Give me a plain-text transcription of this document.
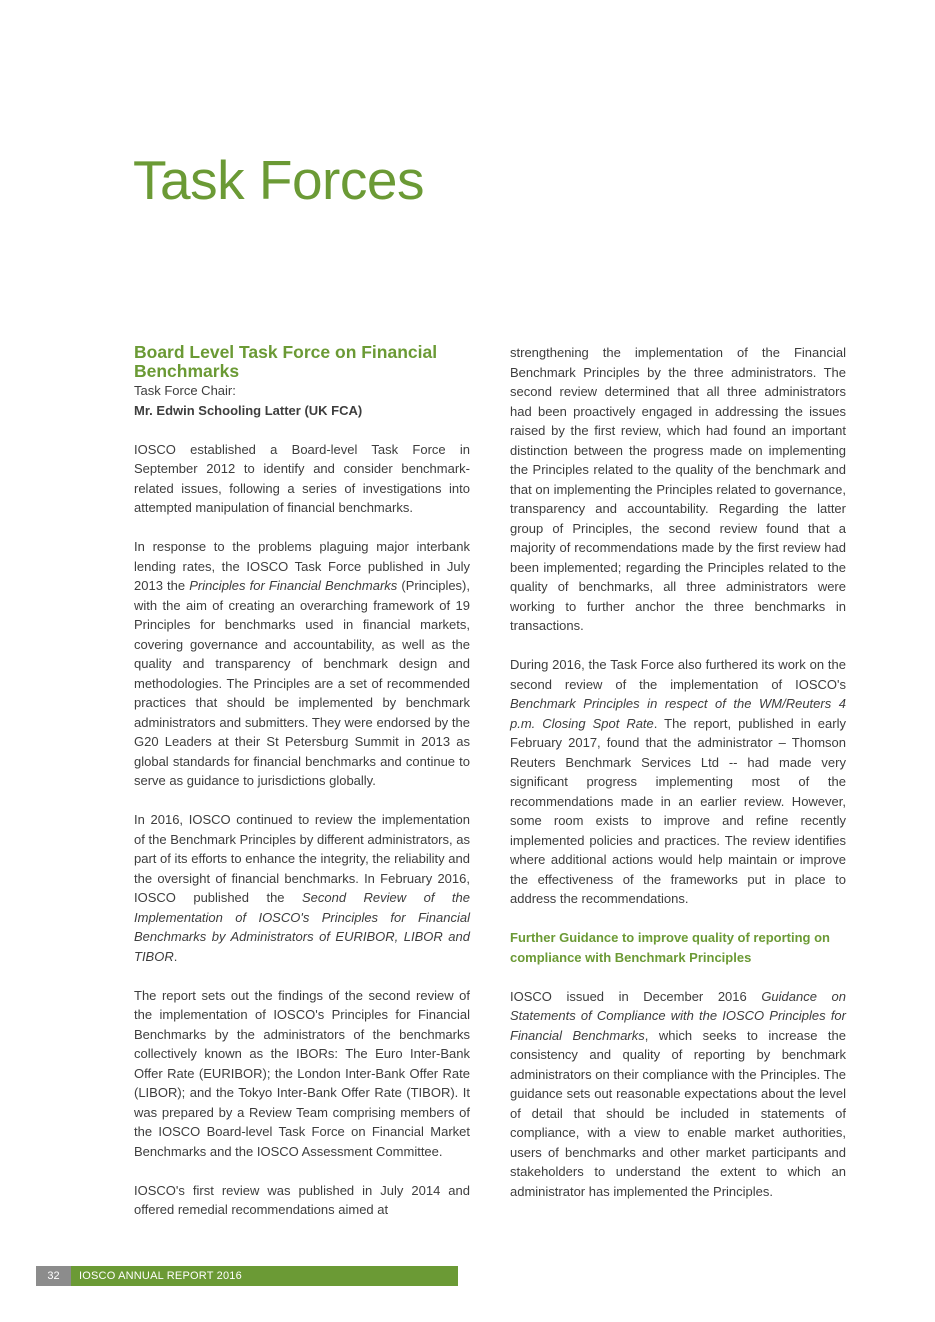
Task Forces
Board Level Task Force on Financial Benchmarks

Task Force Chair:

Mr. Edwin Schooling Latter (UK FCA)

IOSCO established a Board-level Task Force in September 2012 to identify and consider benchmark-related issues, following a series of investigations into attempted manipulation of financial benchmarks.

In response to the problems plaguing major interbank lending rates, the IOSCO Task Force published in July 2013 the Principles for Financial Benchmarks (Principles), with the aim of creating an overarching framework of 19 Principles for benchmarks used in financial markets, covering governance and accountability, as well as the quality and transparency of benchmark design and methodologies. The Principles are a set of recommended practices that should be implemented by benchmark administrators and submitters. They were endorsed by the G20 Leaders at their St Petersburg Summit in 2013 as global standards for financial benchmarks and continue to serve as guidance to jurisdictions globally.

In 2016, IOSCO continued to review the implementation of the Benchmark Principles by different administrators, as part of its efforts to enhance the integrity, the reliability and the oversight of financial benchmarks. In February 2016, IOSCO published the Second Review of the Implementation of IOSCO's Principles for Financial Benchmarks by Administrators of EURIBOR, LIBOR and TIBOR.

The report sets out the findings of the second review of the implementation of IOSCO's Principles for Financial Benchmarks by the administrators of the benchmarks collectively known as the IBORs: The Euro Inter-Bank Offer Rate (EURIBOR); the London Inter-Bank Offer Rate (LIBOR); and the Tokyo Inter-Bank Offer Rate (TIBOR). It was prepared by a Review Team comprising members of the IOSCO Board-level Task Force on Financial Market Benchmarks and the IOSCO Assessment Committee.

IOSCO's first review was published in July 2014 and offered remedial recommendations aimed at

strengthening the implementation of the Financial Benchmark Principles by the three administrators. The second review determined that all three administrators had been proactively engaged in addressing the issues raised by the first review, which had found an important distinction between the progress made on implementing the Principles related to the quality of the benchmark and that on implementing the Principles related to governance, transparency and accountability. Regarding the latter group of Principles, the second review found that a majority of recommendations made by the first review had been implemented; regarding the Principles related to the quality of benchmarks, all three administrators were working to further anchor the three benchmarks in transactions.

During 2016, the Task Force also furthered its work on the second review of the implementation of IOSCO's Benchmark Principles in respect of the WM/Reuters 4 p.m. Closing Spot Rate. The report, published in early February 2017, found that the administrator – Thomson Reuters Benchmark Services Ltd -- had made very significant progress implementing most of the recommendations made in an earlier review. However, some room exists to improve and refine recently implemented policies and practices. The review identifies where additional actions would help maintain or improve the effectiveness of the frameworks put in place to address the recommendations.

Further Guidance to improve quality of reporting on compliance with Benchmark Principles

IOSCO issued in December 2016 Guidance on Statements of Compliance with the IOSCO Principles for Financial Benchmarks, which seeks to increase the consistency and quality of reporting by benchmark administrators on their compliance with the Principles. The guidance sets out reasonable expectations about the level of detail that should be included in statements of compliance, with a view to enable market authorities, users of benchmarks and other market participants and stakeholders to understand the extent to which an administrator has implemented the Principles.

32	IOSCO ANNUAL REPORT 2016
